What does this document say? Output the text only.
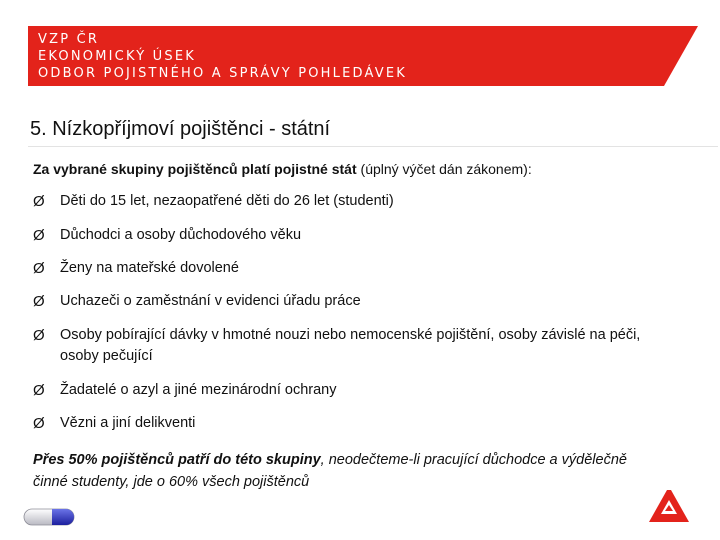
VZP ČR
EKONOMICKÝ ÚSEK
ODBOR POJISTNÉHO A SPRÁVY POHLEDÁVEK
5. Nízkopříjmoví pojištěnci - státní
Za vybrané skupiny pojištěnců platí pojistné stát (úplný výčet dán zákonem):
Ø Děti do 15 let, nezaopatřené děti do 26 let (studenti)
Ø Důchodci a osoby důchodového věku
Ø Ženy na mateřské dovolené
Ø Uchazeči o zaměstnání v evidenci úřadu práce
Ø Osoby pobírající dávky v hmotné nouzi nebo nemocenské pojištění, osoby závislé na péči, osoby pečující
Ø Žadatelé o azyl a jiné mezinárodní ochrany
Ø Vězni a jiní delikventi
Přes 50% pojištěnců patří do této skupiny, neodečteme-li pracující důchodce a výdělečně činné studenty, jde o 60% všech pojištěnců
